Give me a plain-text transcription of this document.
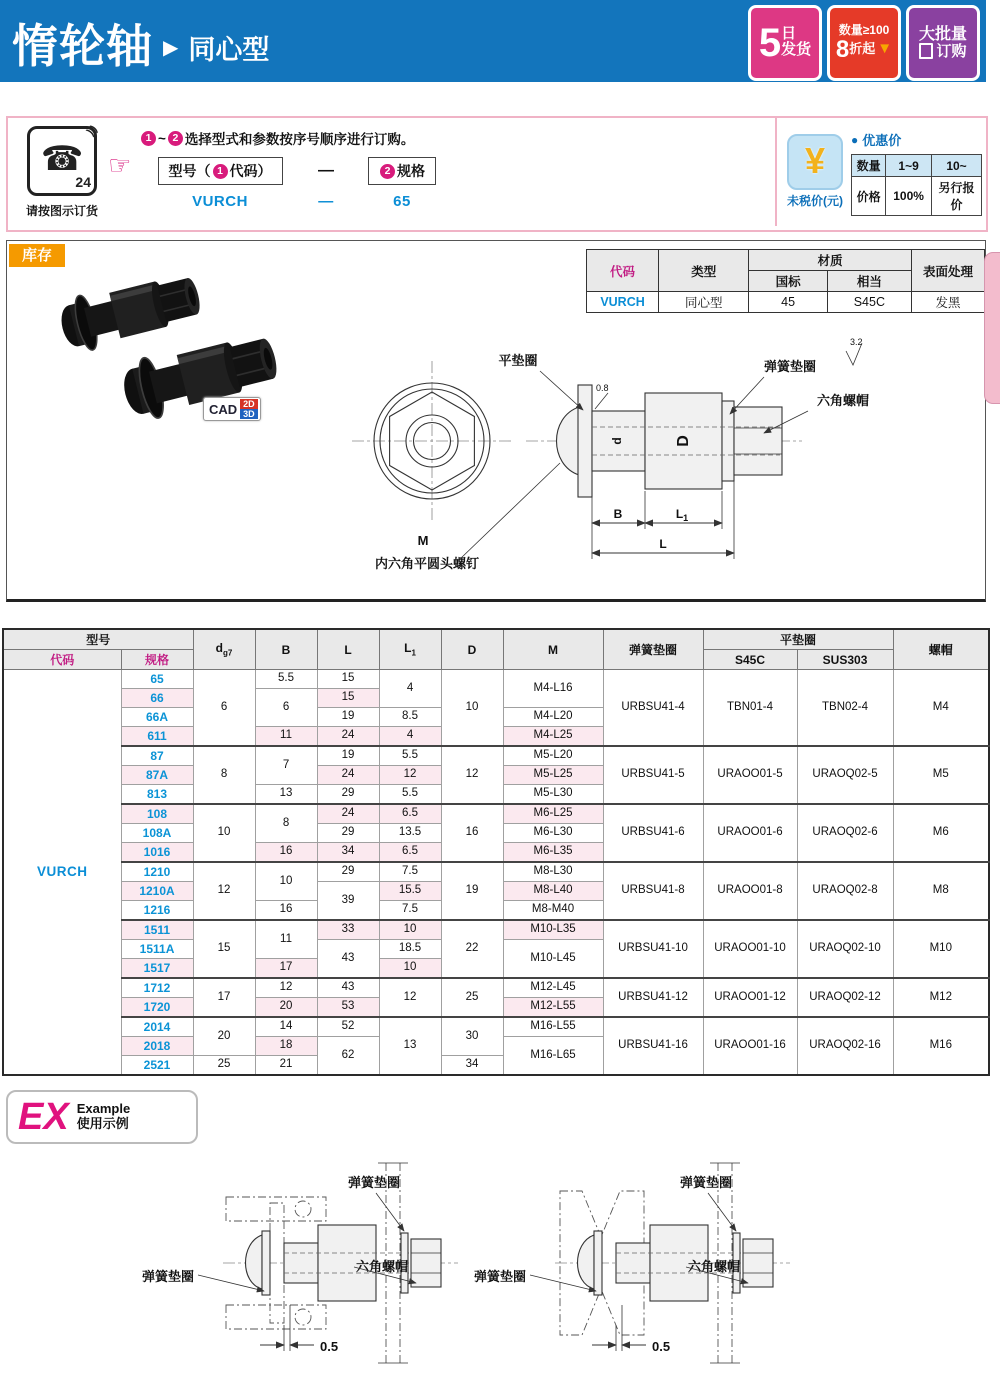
惰轮轴 ▶ 同心型	5 日
发货
数量≥100
8 折起 ▼
大批量
订购
☎
24
)))
请按图示订货
☞
1 ~ 2 选择型式和参数按序号顺序进行订购。
型号（ 1 代码）	—	2 规格
VURCH	—	65
¥
未税价(元)
● 优惠价
数量	1~9	10~
价格	100%	另行报价
库存
CAD 2D
3D
代码	类型	材质		表面处理
		国标	相当	
VURCH	同心型	45	S45C	发黑
d	D
0.8
B	$L_1$
L
平垫圈	弹簧垫圈
六角螺帽
3.2
M
内六角平圆头螺钉
型号		$d_{g7}$	B	L	$L_1$	D	M	弹簧垫圈	平垫圈		螺帽
代码	规格								S45C	SUS303	
VURCH	65	6	5.5	15	4	10	M4-L16	URBSU41-4	TBN01-4	TBN02-4	M4
	66		6	15							
	66A			19	8.5		M4-L20				
	611		11	24	4		M4-L25				
	87	8	7	19	5.5	12	M5-L20	URBSU41-5	URAOO01-5	URAOQ02-5	M5
	87A			24	12		M5-L25				
	813		13	29	5.5		M5-L30				
	108	10	8	24	6.5	16	M6-L25	URBSU41-6	URAOO01-6	URAOQ02-6	M6
	108A			29	13.5		M6-L30				
	1016		16	34	6.5		M6-L35				
	1210	12	10	29	7.5	19	M8-L30	URBSU41-8	URAOO01-8	URAOQ02-8	M8
	1210A			39	15.5		M8-L40				
	1216		16		7.5		M8-M40				
	1511	15	11	33	10	22	M10-L35	URBSU41-10	URAOO01-10	URAOQ02-10	M10
	1511A			43	18.5		M10-L45				
	1517		17		10						
	1712	17	12	43	12	25	M12-L45	URBSU41-12	URAOO01-12	URAOQ02-12	M12
	1720		20	53			M12-L55				
	2014	20	14	52	13	30	M16-L55	URBSU41-16	URAOO01-16	URAOQ02-16	M16
	2018		18	62			M16-L65				
	2521	25	21			34					
EX Example
使用示例
0.5
弹簧垫圈
六角螺帽
弹簧垫圈
0.5
弹簧垫圈
六角螺帽
弹簧垫圈
